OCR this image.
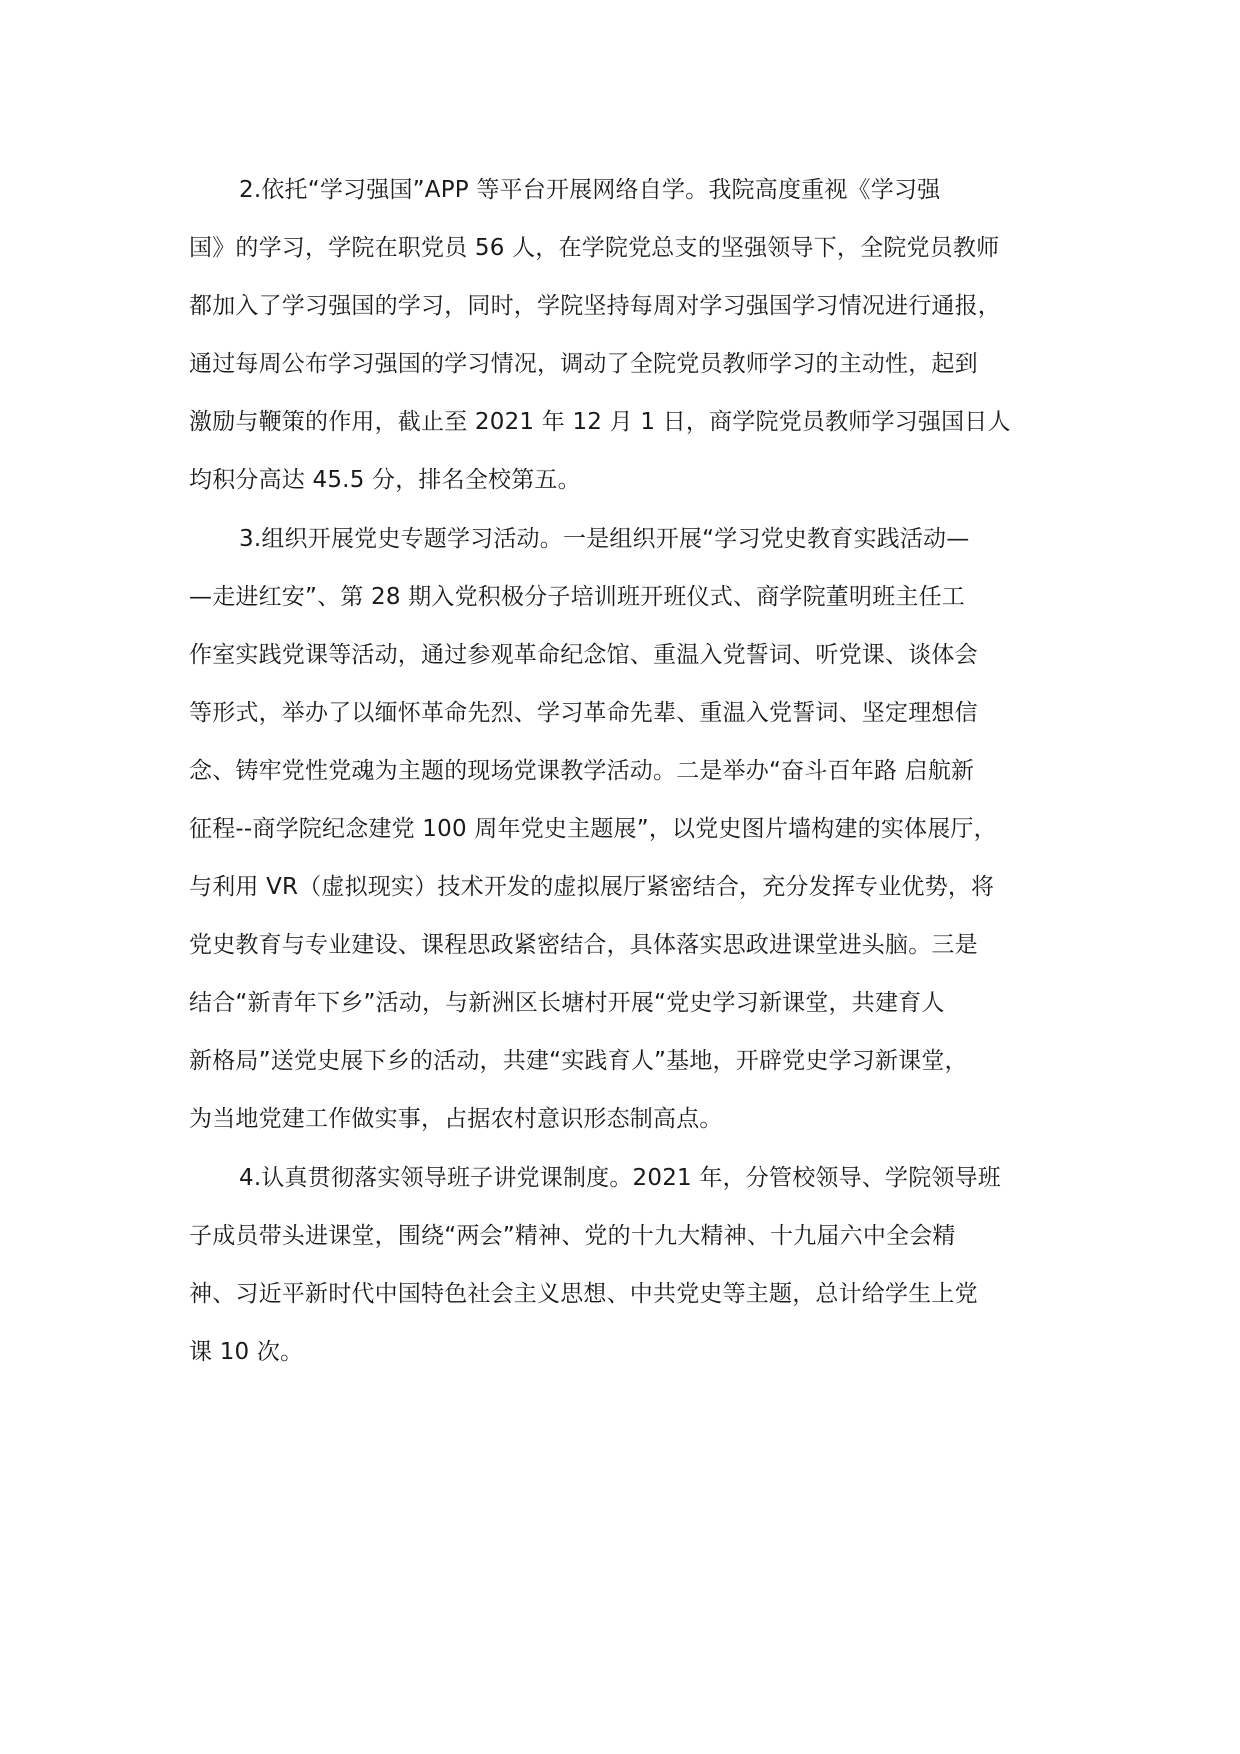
2.依托“学习强国”APP 等平台开展网络自学。我院高度重视《学习强
国》的学习，学院在职党员 56 人，在学院党总支的坚强领导下，全院党员教师
都加入了学习强国的学习，同时，学院坚持每周对学习强国学习情况进行通报，
通过每周公布学习强国的学习情况，调动了全院党员教师学习的主动性，起到
激励与鞭策的作用，截止至 2021 年 12 月 1 日，商学院党员教师学习强国日人
均积分高达 45.5 分，排名全校第五。
3.组织开展党史专题学习活动。一是组织开展“学习党史教育实践活动—
—走进红安”、第 28 期入党积极分子培训班开班仪式、商学院董明班主任工
作室实践党课等活动，通过参观革命纪念馆、重温入党誓词、听党课、谈体会
等形式，举办了以缅怀革命先烈、学习革命先辈、重温入党誓词、坚定理想信
念、铸牢党性党魂为主题的现场党课教学活动。二是举办“奋斗百年路 启航新
征程--商学院纪念建党 100 周年党史主题展”，以党史图片墙构建的实体展厅，
与利用 VR（虚拟现实）技术开发的虚拟展厅紧密结合，充分发挥专业优势，将
党史教育与专业建设、课程思政紧密结合，具体落实思政进课堂进头脑。三是
结合“新青年下乡”活动，与新洲区长塘村开展“党史学习新课堂，共建育人
新格局”送党史展下乡的活动，共建“实践育人”基地，开辟党史学习新课堂，
为当地党建工作做实事，占据农村意识形态制高点。
4.认真贯彻落实领导班子讲党课制度。2021 年，分管校领导、学院领导班
子成员带头进课堂，围绕“两会”精神、党的十九大精神、十九届六中全会精
神、习近平新时代中国特色社会主义思想、中共党史等主题，总计给学生上党
课 10 次。
